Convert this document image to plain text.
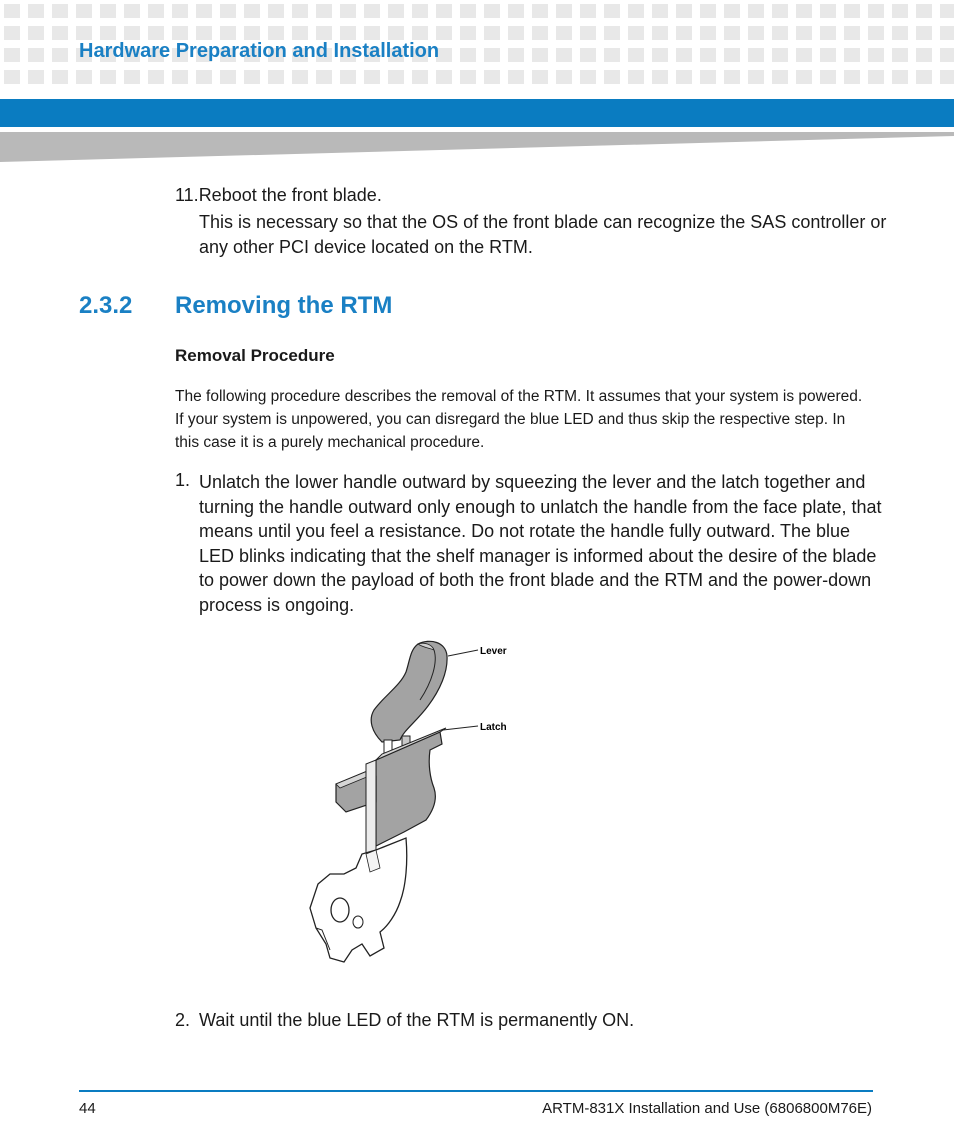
Hardware Preparation and Installation
11.Reboot the front blade.
This is necessary so that the OS of the front blade can recognize the SAS controller or any other PCI device located on the RTM.
2.3.2 Removing the RTM
Removal Procedure
The following procedure describes the removal of the RTM. It assumes that your system is powered. If your system is unpowered, you can disregard the blue LED and thus skip the respective step. In this case it is a purely mechanical procedure.
1. Unlatch the lower handle outward by squeezing the lever and the latch together and turning the handle outward only enough to unlatch the handle from the face plate, that means until you feel a resistance. Do not rotate the handle fully outward. The blue LED blinks indicating that the shelf manager is informed about the desire of the blade to power down the payload of both the front blade and the RTM and the power-down process is ongoing.
Lever
Latch
2. Wait until the blue LED of the RTM is permanently ON.
44	ARTM-831X Installation and Use (6806800M76E)
